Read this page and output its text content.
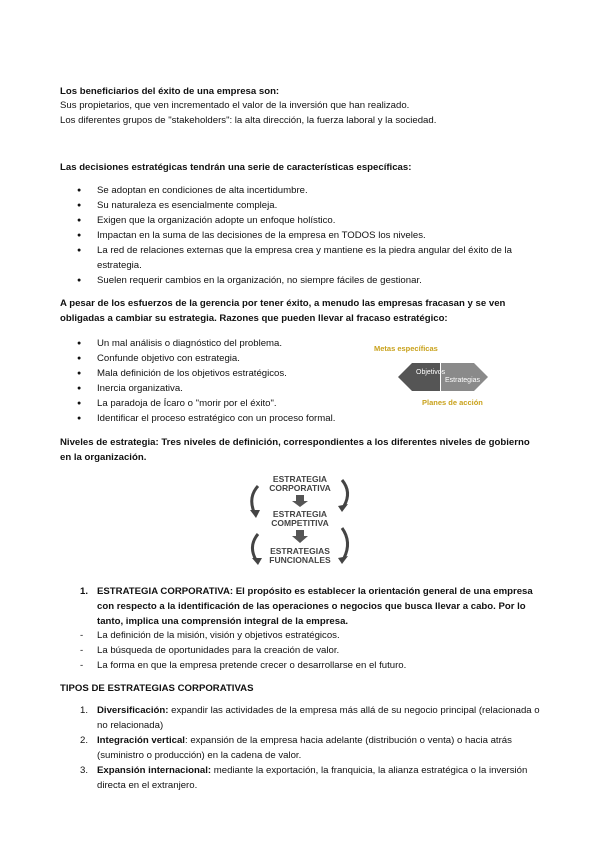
Los beneficiarios del éxito de una empresa son:
Sus propietarios, que ven incrementado el valor de la inversión que han realizado.
Los diferentes grupos de "stakeholders": la alta dirección, la fuerza laboral y la sociedad.
Las decisiones estratégicas tendrán una serie de características específicas:
● Se adoptan en condiciones de alta incertidumbre.
● Su naturaleza es esencialmente compleja.
● Exigen que la organización adopte un enfoque holístico.
● Impactan en la suma de las decisiones de la empresa en TODOS los niveles.
● La red de relaciones externas que la empresa crea y mantiene es la piedra angular del éxito de la estrategia.
● Suelen requerir cambios en la organización, no siempre fáciles de gestionar.
A pesar de los esfuerzos de la gerencia por tener éxito, a menudo las empresas fracasan y se ven obligadas a cambiar su estrategia. Razones que pueden llevar al fracaso estratégico:
● Un mal análisis o diagnóstico del problema.
● Confunde objetivo con estrategia.
● Mala definición de los objetivos estratégicos.
● Inercia organizativa.
● La paradoja de Ícaro o "morir por el éxito".
● Identificar el proceso estratégico con un proceso formal.
Metas específicas
Objetivos
Estrategias
Planes de acción
Niveles de estrategia: Tres niveles de definición, correspondientes a los diferentes niveles de gobierno en la organización.
ESTRATEGIA
CORPORATIVA
ESTRATEGIA
COMPETITIVA
ESTRATEGIAS
FUNCIONALES
1. ESTRATEGIA CORPORATIVA: El propósito es establecer la orientación general de una empresa con respecto a la identificación de las operaciones o negocios que busca llevar a cabo. Por lo tanto, implica una comprensión integral de la empresa.
- La definición de la misión, visión y objetivos estratégicos.
- La búsqueda de oportunidades para la creación de valor.
- La forma en que la empresa pretende crecer o desarrollarse en el futuro.
TIPOS DE ESTRATEGIAS CORPORATIVAS
1. Diversificación: expandir las actividades de la empresa más allá de su negocio principal (relacionada o no relacionada)
2. Integración vertical: expansión de la empresa hacia adelante (distribución o venta) o hacia atrás (suministro o producción) en la cadena de valor.
3. Expansión internacional: mediante la exportación, la franquicia, la alianza estratégica o la inversión directa en el extranjero.
